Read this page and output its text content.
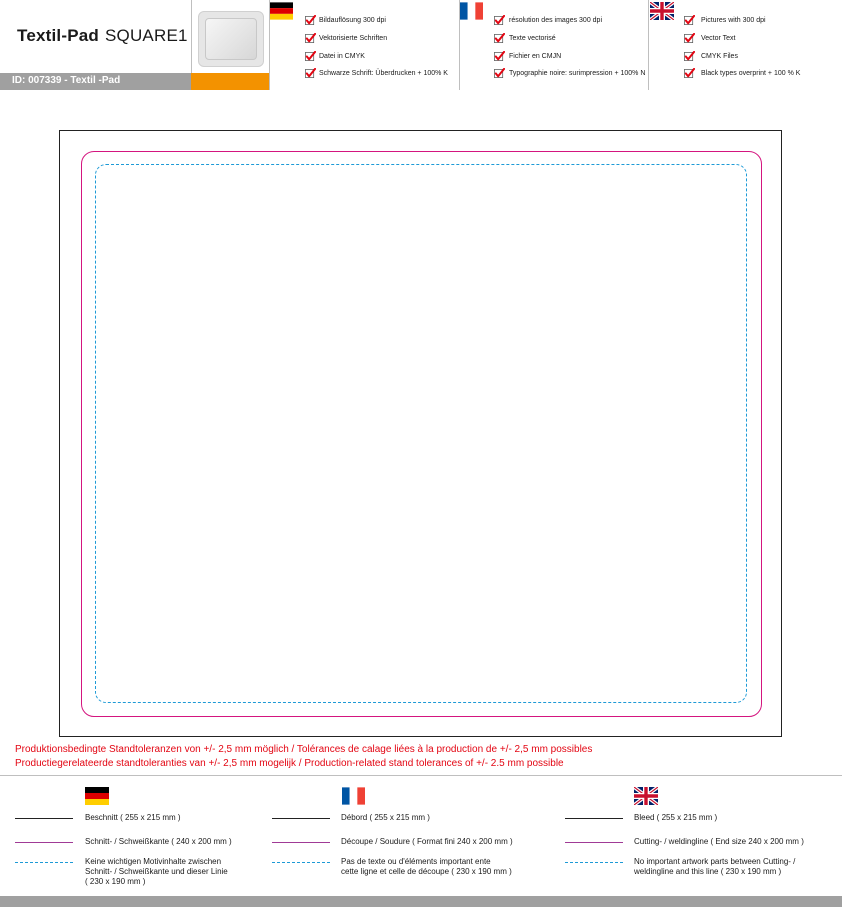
Textil-Pad SQUARE1
ID: 007339 - Textil -Pad
Bildauflösung 300 dpi
Vektorisierte Schriften
Datei in CMYK
Schwarze Schrift: Überdrucken + 100% K
résolution des images 300 dpi
Texte vectorisé
Fichier en CMJN
Typographie noire: surimpression + 100% N
Pictures with 300 dpi
Vector Text
CMYK Files
Black types overprint + 100 % K
Produktionsbedingte Standtoleranzen von +/- 2,5 mm möglich / Tolérances de calage liées à la production de +/- 2,5 mm possibles
Productiegerelateerde standtoleranties van +/- 2,5 mm mogelijk / Production-related stand tolerances of +/- 2.5 mm possible
Beschnitt ( 255 x 215 mm )
Schnitt- / Schweißkante ( 240 x 200 mm )
Keine wichtigen Motivinhalte zwischen
Schnitt- / Schweißkante und dieser Linie
( 230 x 190 mm )
Débord ( 255 x 215 mm )
Découpe / Soudure ( Format fini 240 x 200 mm )
Pas de texte ou d'éléments important ente
cette ligne et celle de découpe ( 230 x 190 mm )
Bleed ( 255 x 215 mm )
Cutting- / weldingline ( End size 240 x 200 mm )
No important artwork parts between Cutting- /
weldingline and this line ( 230 x 190 mm )
